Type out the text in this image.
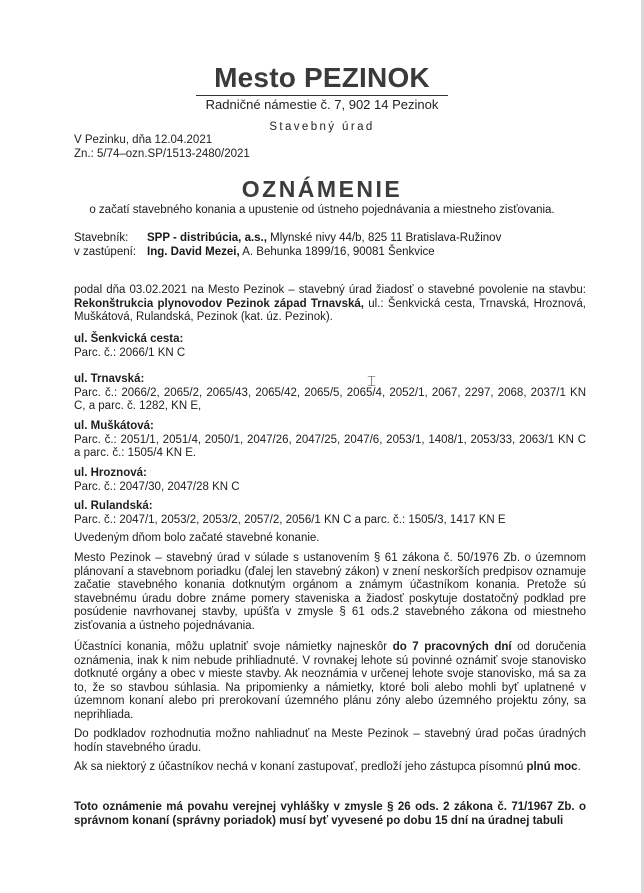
Mesto PEZINOK
Radničné námestie č. 7, 902 14 Pezinok
Stavebný úrad
V Pezinku, dňa 12.04.2021
Zn.: 5/74–ozn.SP/1513-2480/2021
OZNÁMENIE
o začatí stavebného konania a upustenie od ústneho pojednávania a miestneho zisťovania.
Stavebník: SPP - distribúcia, a.s., Mlynské nivy 44/b, 825 11 Bratislava-Ružinov
v zastúpení: Ing. David Mezei, A. Behunka 1899/16, 90081 Šenkvice
podal dňa 03.02.2021 na Mesto Pezinok – stavebný úrad žiadosť o stavebné povolenie na stavbu: Rekonštrukcia plynovodov Pezinok západ Trnavská, ul.: Šenkvická cesta, Trnavská, Hroznová, Muškátová, Rulandská, Pezinok (kat. úz. Pezinok).
ul. Šenkvická cesta:
Parc. č.: 2066/1 KN C
ul. Trnavská:
Parc. č.: 2066/2, 2065/2, 2065/43, 2065/42, 2065/5, 2065/4, 2052/1, 2067, 2297, 2068, 2037/1 KN C, a parc. č. 1282, KN E,
ul. Muškátová:
Parc. č.: 2051/1, 2051/4, 2050/1, 2047/26, 2047/25, 2047/6, 2053/1, 1408/1, 2053/33, 2063/1 KN C a parc. č.: 1505/4 KN E.
ul. Hroznová:
Parc. č.: 2047/30, 2047/28 KN C
ul. Rulandská:
Parc. č.: 2047/1, 2053/2, 2053/2, 2057/2, 2056/1 KN C a parc. č.: 1505/3, 1417 KN E
Uvedeným dňom bolo začaté stavebné konanie.
Mesto Pezinok – stavebný úrad v súlade s ustanovením § 61 zákona č. 50/1976 Zb. o územnom plánovaní a stavebnom poriadku (ďalej len stavebný zákon) v znení neskorších predpisov oznamuje začatie stavebného konania dotknutým orgánom a známym účastníkom konania. Pretože sú stavebnému úradu dobre známe pomery staveniska a žiadosť poskytuje dostatočný podklad pre posúdenie navrhovanej stavby, upúšťa v zmysle § 61 ods.2 stavebného zákona od miestneho zisťovania a ústneho pojednávania.
Účastníci konania, môžu uplatniť svoje námietky najneskôr do 7 pracovných dní od doručenia oznámenia, inak k nim nebude prihliadnuté. V rovnakej lehote sú povinné oznámiť svoje stanovisko dotknuté orgány a obec v mieste stavby. Ak neoznámia v určenej lehote svoje stanovisko, má sa za to, že so stavbou súhlasia. Na pripomienky a námietky, ktoré boli alebo mohli byť uplatnené v územnom konaní alebo pri prerokovaní územného plánu zóny alebo územného projektu zóny, sa neprihliada.
Do podkladov rozhodnutia možno nahliadnuť na Meste Pezinok – stavebný úrad počas úradných hodín stavebného úradu.
Ak sa niektorý z účastníkov nechá v konaní zastupovať, predloží jeho zástupca písomnú plnú moc.
Toto oznámenie má povahu verejnej vyhlášky v zmysle § 26 ods. 2 zákona č. 71/1967 Zb. o správnom konaní (správny poriadok) musí byť vyvesené po dobu 15 dní na úradnej tabuli
⌶
